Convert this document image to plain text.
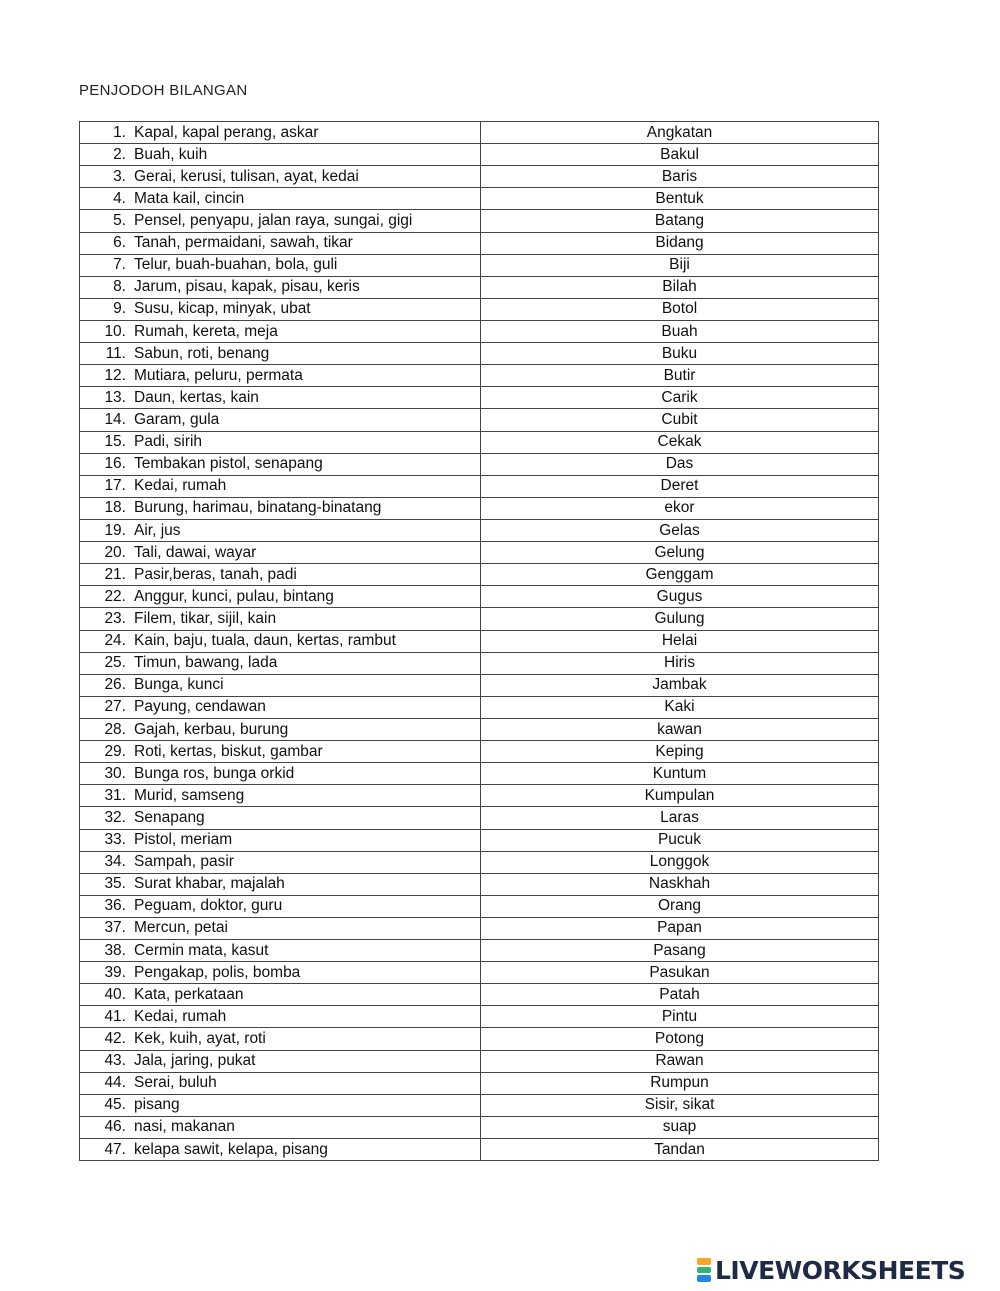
PENJODOH BILANGAN
1. Kapal, kapal perang, askar	Angkatan
2. Buah, kuih	Bakul
3. Gerai, kerusi, tulisan, ayat, kedai	Baris
4. Mata kail, cincin	Bentuk
5. Pensel, penyapu, jalan raya, sungai, gigi	Batang
6. Tanah, permaidani, sawah, tikar	Bidang
7. Telur, buah-buahan, bola, guli	Biji
8. Jarum, pisau, kapak, pisau, keris	Bilah
9. Susu, kicap, minyak, ubat	Botol
10. Rumah, kereta, meja	Buah
11. Sabun, roti, benang	Buku
12. Mutiara, peluru, permata	Butir
13. Daun, kertas, kain	Carik
14. Garam, gula	Cubit
15. Padi, sirih	Cekak
16. Tembakan pistol, senapang	Das
17. Kedai, rumah	Deret
18. Burung, harimau, binatang-binatang	ekor
19. Air, jus	Gelas
20. Tali, dawai, wayar	Gelung
21. Pasir,beras, tanah, padi	Genggam
22. Anggur, kunci, pulau, bintang	Gugus
23. Filem, tikar, sijil, kain	Gulung
24. Kain, baju, tuala, daun, kertas, rambut	Helai
25. Timun, bawang, lada	Hiris
26. Bunga, kunci	Jambak
27. Payung, cendawan	Kaki
28. Gajah, kerbau, burung	kawan
29. Roti, kertas, biskut, gambar	Keping
30. Bunga ros, bunga orkid	Kuntum
31. Murid, samseng	Kumpulan
32. Senapang	Laras
33. Pistol, meriam	Pucuk
34. Sampah, pasir	Longgok
35. Surat khabar, majalah	Naskhah
36. Peguam, doktor, guru	Orang
37. Mercun, petai	Papan
38. Cermin mata, kasut	Pasang
39. Pengakap, polis, bomba	Pasukan
40. Kata, perkataan	Patah
41. Kedai, rumah	Pintu
42. Kek, kuih, ayat, roti	Potong
43. Jala, jaring, pukat	Rawan
44. Serai, buluh	Rumpun
45. pisang	Sisir, sikat
46. nasi, makanan	suap
47. kelapa sawit, kelapa, pisang	Tandan
LIVEWORKSHEETS
